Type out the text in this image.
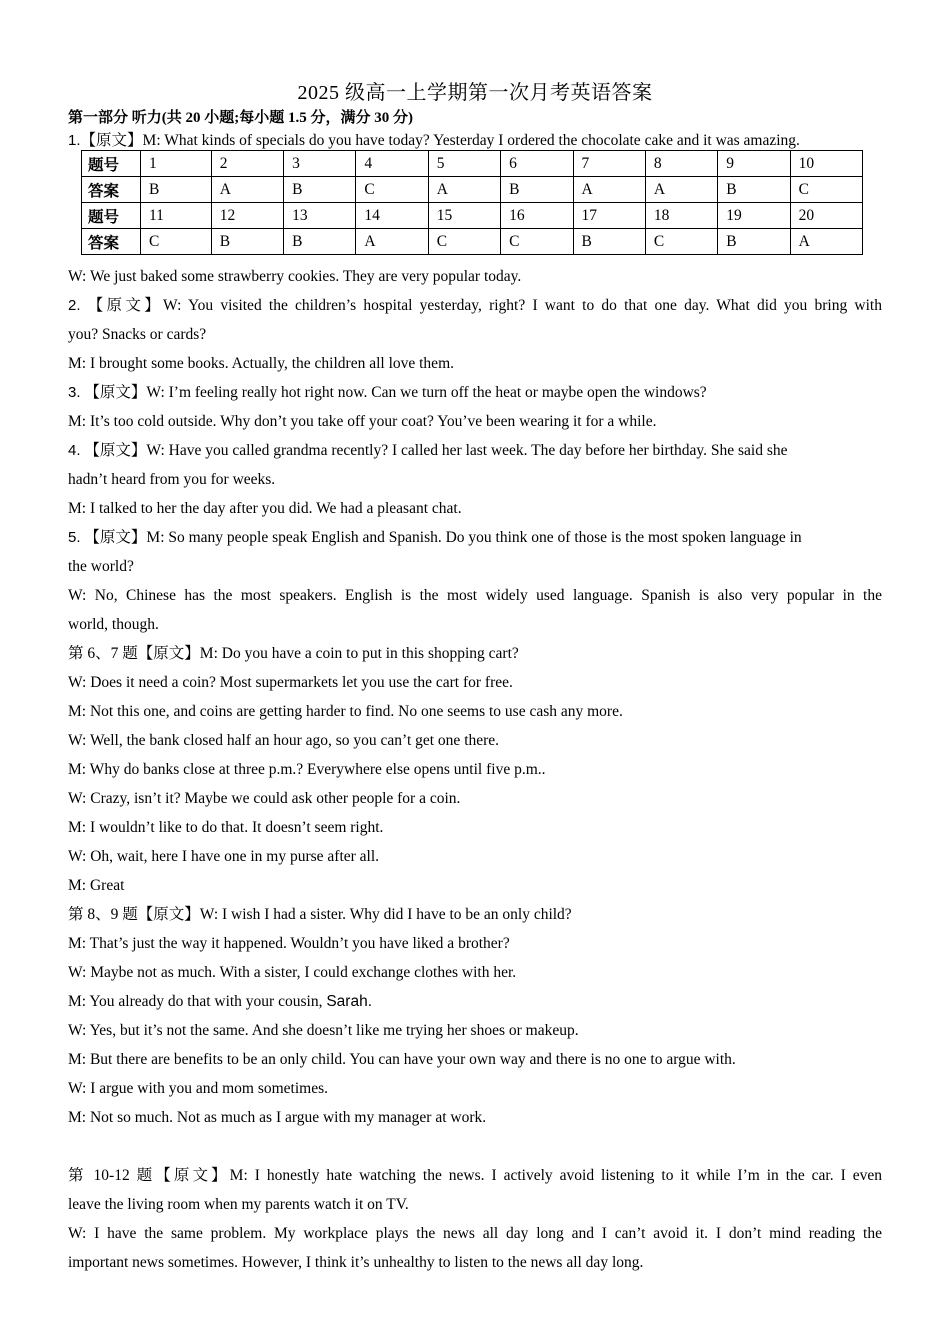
2025 级高一上学期第一次月考英语答案
第一部分 听力(共 20 小题;每小题 1.5 分，满分 30 分)
1.【原文】M: What kinds of specials do you have today? Yesterday I ordered the chocolate cake and it was amazing.
题号	1	2	3	4	5	6	7	8	9	10
答案	B	A	B	C	A	B	A	A	B	C
题号	11	12	13	14	15	16	17	18	19	20
答案	C	B	B	A	C	C	B	C	B	A
W: We just baked some strawberry cookies. They are very popular today.
2. 【原文】W: You visited the children’s hospital yesterday, right? I want to do that one day. What did you bring with
you? Snacks or cards?
M: I brought some books. Actually, the children all love them.
3. 【原文】W: I’m feeling really hot right now. Can we turn off the heat or maybe open the windows?
M: It’s too cold outside. Why don’t you take off your coat? You’ve been wearing it for a while.
4. 【原文】W: Have you called grandma recently? I called her last week. The day before her birthday. She said she
hadn’t heard from you for weeks.
M: I talked to her the day after you did. We had a pleasant chat.
5. 【原文】M: So many people speak English and Spanish. Do you think one of those is the most spoken language in
the world?
W: No, Chinese has the most speakers. English is the most widely used language. Spanish is also very popular in the
world, though.
第 6、7 题【原文】M: Do you have a coin to put in this shopping cart?
W: Does it need a coin? Most supermarkets let you use the cart for free.
M: Not this one, and coins are getting harder to find. No one seems to use cash any more.
W: Well, the bank closed half an hour ago, so you can’t get one there.
M: Why do banks close at three p.m.? Everywhere else opens until five p.m..
W: Crazy, isn’t it? Maybe we could ask other people for a coin.
M: I wouldn’t like to do that. It doesn’t seem right.
W: Oh, wait, here I have one in my purse after all.
M: Great
第 8、9 题【原文】W: I wish I had a sister. Why did I have to be an only child?
M: That’s just the way it happened. Wouldn’t you have liked a brother?
W: Maybe not as much. With a sister, I could exchange clothes with her.
M: You already do that with your cousin, Sarah.
W: Yes, but it’s not the same. And she doesn’t like me trying her shoes or makeup.
M: But there are benefits to be an only child. You can have your own way and there is no one to argue with.
W: I argue with you and mom sometimes.
M: Not so much. Not as much as I argue with my manager at work.
第 10-12 题【原文】M: I honestly hate watching the news. I actively avoid listening to it while I’m in the car. I even
leave the living room when my parents watch it on TV.
W: I have the same problem. My workplace plays the news all day long and I can’t avoid it. I don’t mind reading the
important news sometimes. However, I think it’s unhealthy to listen to the news all day long.
